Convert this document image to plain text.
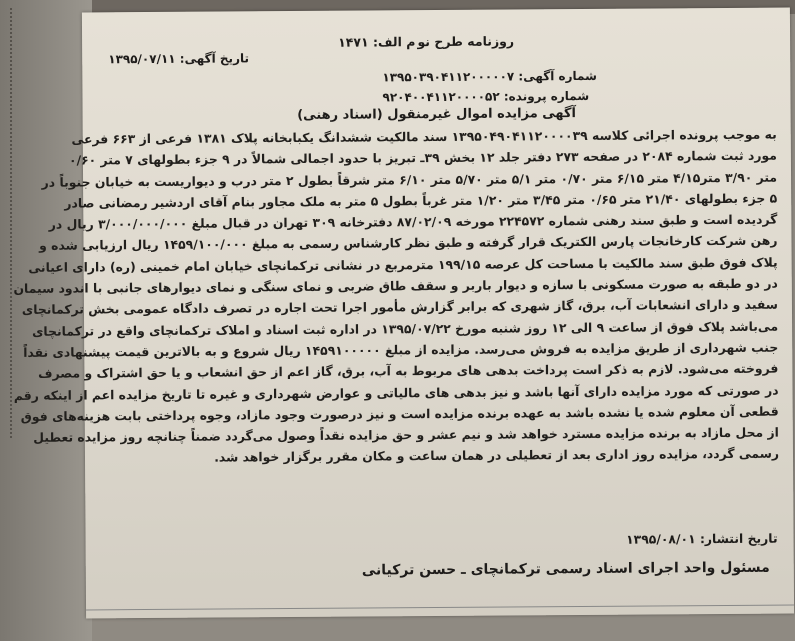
روزنامه طرح نو
م الف: ۱۴۷۱
تاریخ آگهی: ۱۳۹۵/۰۷/۱۱
شماره آگهی: ۱۳۹۵۰۳۹۰۴۱۱۲۰۰۰۰۰۷
شماره پرونده: ۹۲۰۴۰۰۴۱۱۲۰۰۰۰۵۲
آگهی مزایده اموال غیرمنقول (اسناد رهنی)
به موجب پرونده اجرائی کلاسه ۱۳۹۵۰۴۹۰۴۱۱۲۰۰۰۰۳۹ سند مالکیت ششدانگ یکبابخانه پلاک ۱۳۸۱ فرعی از ۶۶۳ فرعی
مورد ثبت شماره ۲۰۸۴ در صفحه ۲۷۳ دفتر جلد ۱۲ بخش ۳۹ـ تبریز با حدود اجمالی شمالاً در ۹ جزء بطولهای ۷ متر ۰/۶۰
متر ۳/۹۰ متر۴/۱۵ متر ۶/۱۵ متر ۰/۷۰ متر ۵/۱ متر ۵/۷۰ متر ۶/۱۰ متر شرقاً بطول ۲ متر درب و دیواریست به خیابان جنوباً در
۵ جزء بطولهای ۲۱/۴۰ متر ۰/۶۵ متر ۳/۴۵ متر ۱/۲۰ متر غرباً بطول ۵ متر به ملک مجاور بنام آقای اردشیر رمضانی صادر
گردیده است و طبق سند رهنی شماره ۲۲۴۵۷۲ مورخه ۸۷/۰۲/۰۹ دفترخانه ۳۰۹ تهران در قبال مبلغ ۳/۰۰۰/۰۰۰/۰۰۰ ریال در
رهن شرکت کارخانجات پارس الکتریک قرار گرفته و طبق نظر کارشناس رسمی به مبلغ ۱۴۵۹/۱۰۰/۰۰۰ ریال ارزیابی شده و
پلاک فوق طبق سند مالکیت با مساحت کل عرصه ۱۹۹/۱۵ مترمربع در نشانی ترکمانچای خیابان امام خمینی (ره) دارای اعیانی
در دو طبقه به صورت مسکونی با سازه و دیوار باربر و سقف طاق ضربی و نمای سنگی و نمای دیوارهای جانبی با اندود سیمان
سفید و دارای انشعابات آب، برق، گاز شهری که برابر گزارش مأمور اجرا تحت اجاره در تصرف دادگاه عمومی بخش ترکمانچای
می‌باشد پلاک فوق از ساعت ۹ الی ۱۲ روز شنبه مورخ ۱۳۹۵/۰۷/۲۲ در اداره ثبت اسناد و املاک ترکمانچای واقع در ترکمانچای
جنب شهرداری از طریق مزایده به فروش می‌رسد. مزایده از مبلغ ۱۴۵۹۱۰۰۰۰۰ ریال شروع و به بالاترین قیمت پیشنهادی نقداً
فروخته می‌شود. لازم به ذکر است پرداخت بدهی های مربوط به آب، برق، گاز اعم از حق انشعاب و یا حق اشتراک و مصرف
در صورتی که مورد مزایده دارای آنها باشد و نیز بدهی های مالیاتی و عوارض شهرداری و غیره تا تاریخ مزایده اعم از اینکه رقم
قطعی آن معلوم شده یا نشده باشد به عهده برنده مزایده است و نیز درصورت وجود مازاد، وجوه پرداختی بابت هزینه‌های فوق
از محل مازاد به برنده مزایده مسترد خواهد شد و نیم عشر و حق مزایده نقداً وصول می‌گردد ضمناً چنانچه روز مزایده تعطیل
رسمی گردد، مزایده روز اداری بعد از تعطیلی در همان ساعت و مکان مقرر برگزار خواهد شد.
تاریخ انتشار: ۱۳۹۵/۰۸/۰۱
مسئول واحد اجرای اسناد رسمی ترکمانچای ـ حسن ترکیانی
